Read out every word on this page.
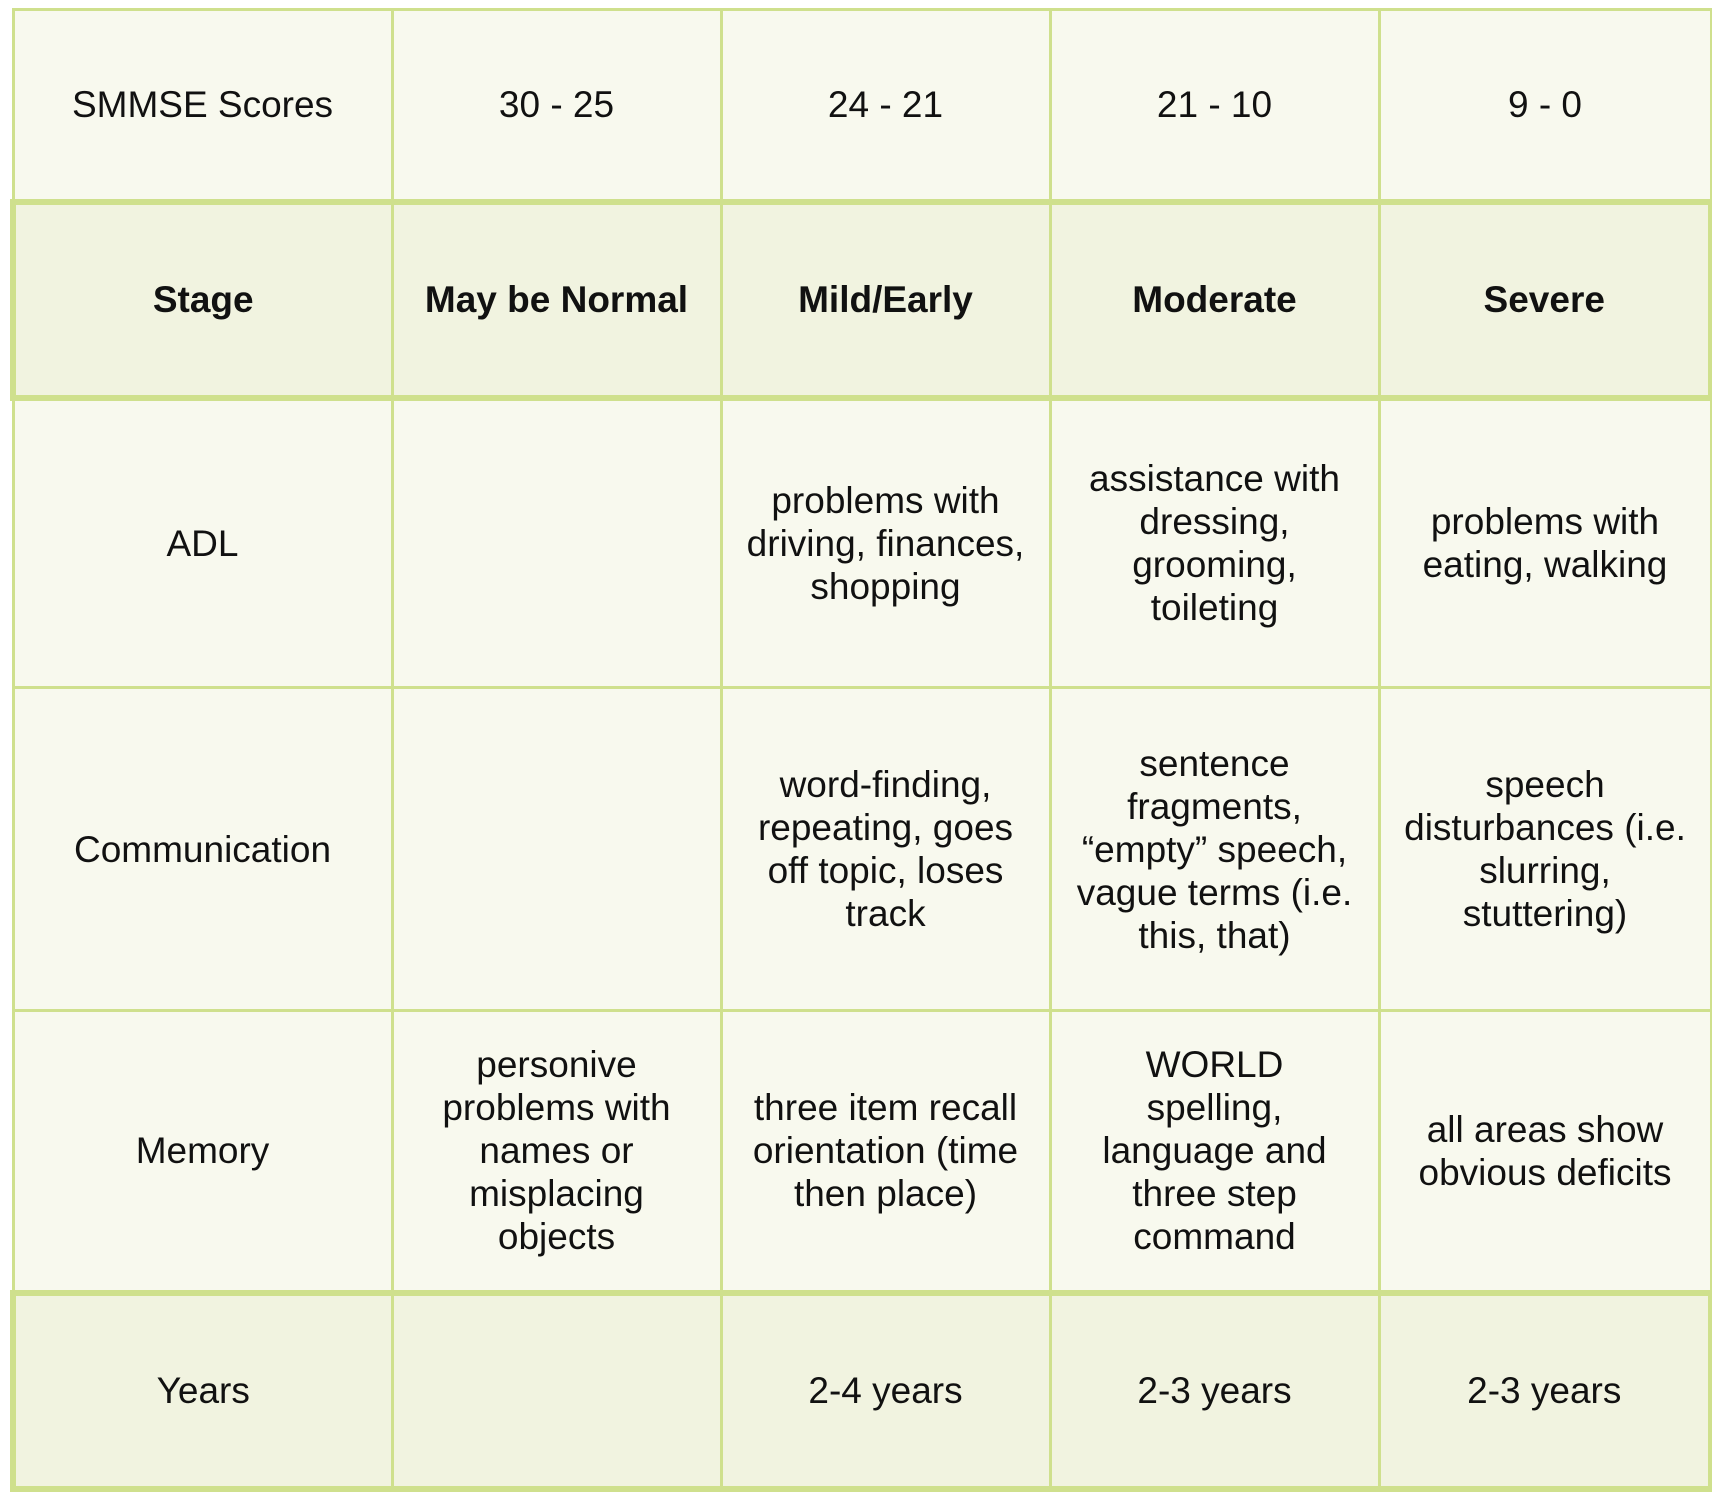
SMMSE Scores	30 - 25	24 - 21	21 - 10	9 - 0

Stage	May be Normal	Mild/Early	Moderate	Severe

ADL		problems with
driving, finances,
shopping	assistance with
dressing,
grooming,
toileting	problems with
eating, walking

Communication		word-finding,
repeating, goes
off topic, loses
track	sentence
fragments,
“empty” speech,
vague terms (i.e.
this, that)	speech
disturbances (i.e.
slurring,
stuttering)

Memory	personive
problems with
names or
misplacing
objects	three item recall
orientation (time
then place)	WORLD
spelling,
language and
three step
command	all areas show
obvious deficits

Years		2-4 years	2-3 years	2-3 years
